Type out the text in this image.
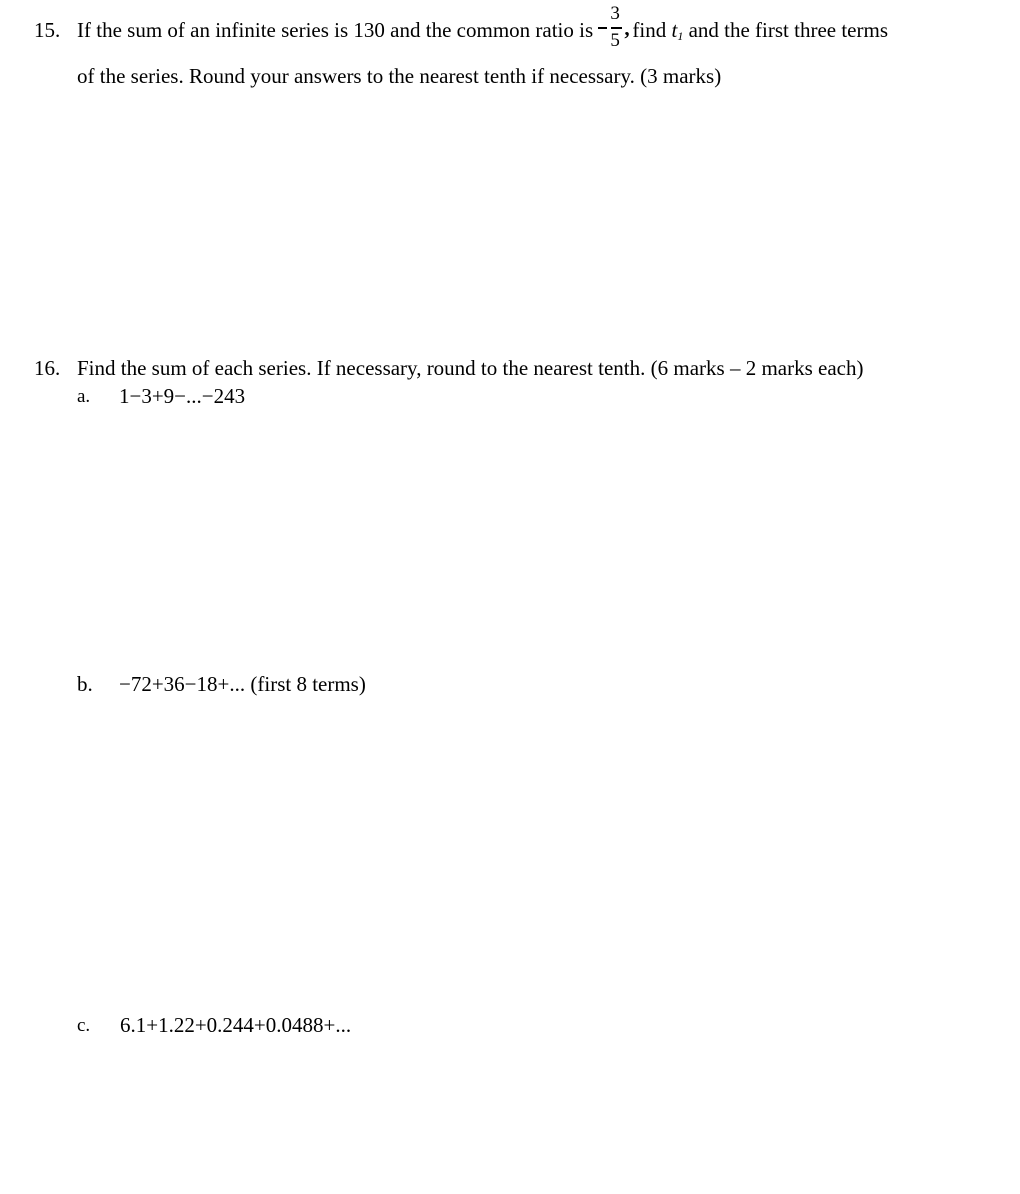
15. If the sum of an infinite series is 130 and the common ratio is
3
5
, find $t_1$ and the first three terms
of the series. Round your answers to the nearest tenth if necessary. (3 marks)
16. Find the sum of each series. If necessary, round to the nearest tenth. (6 marks – 2 marks each)
a. 1−3+9−...−243
b. −72+36−18+... (first 8 terms)
c. 6.1+1.22+0.244+0.0488+...
